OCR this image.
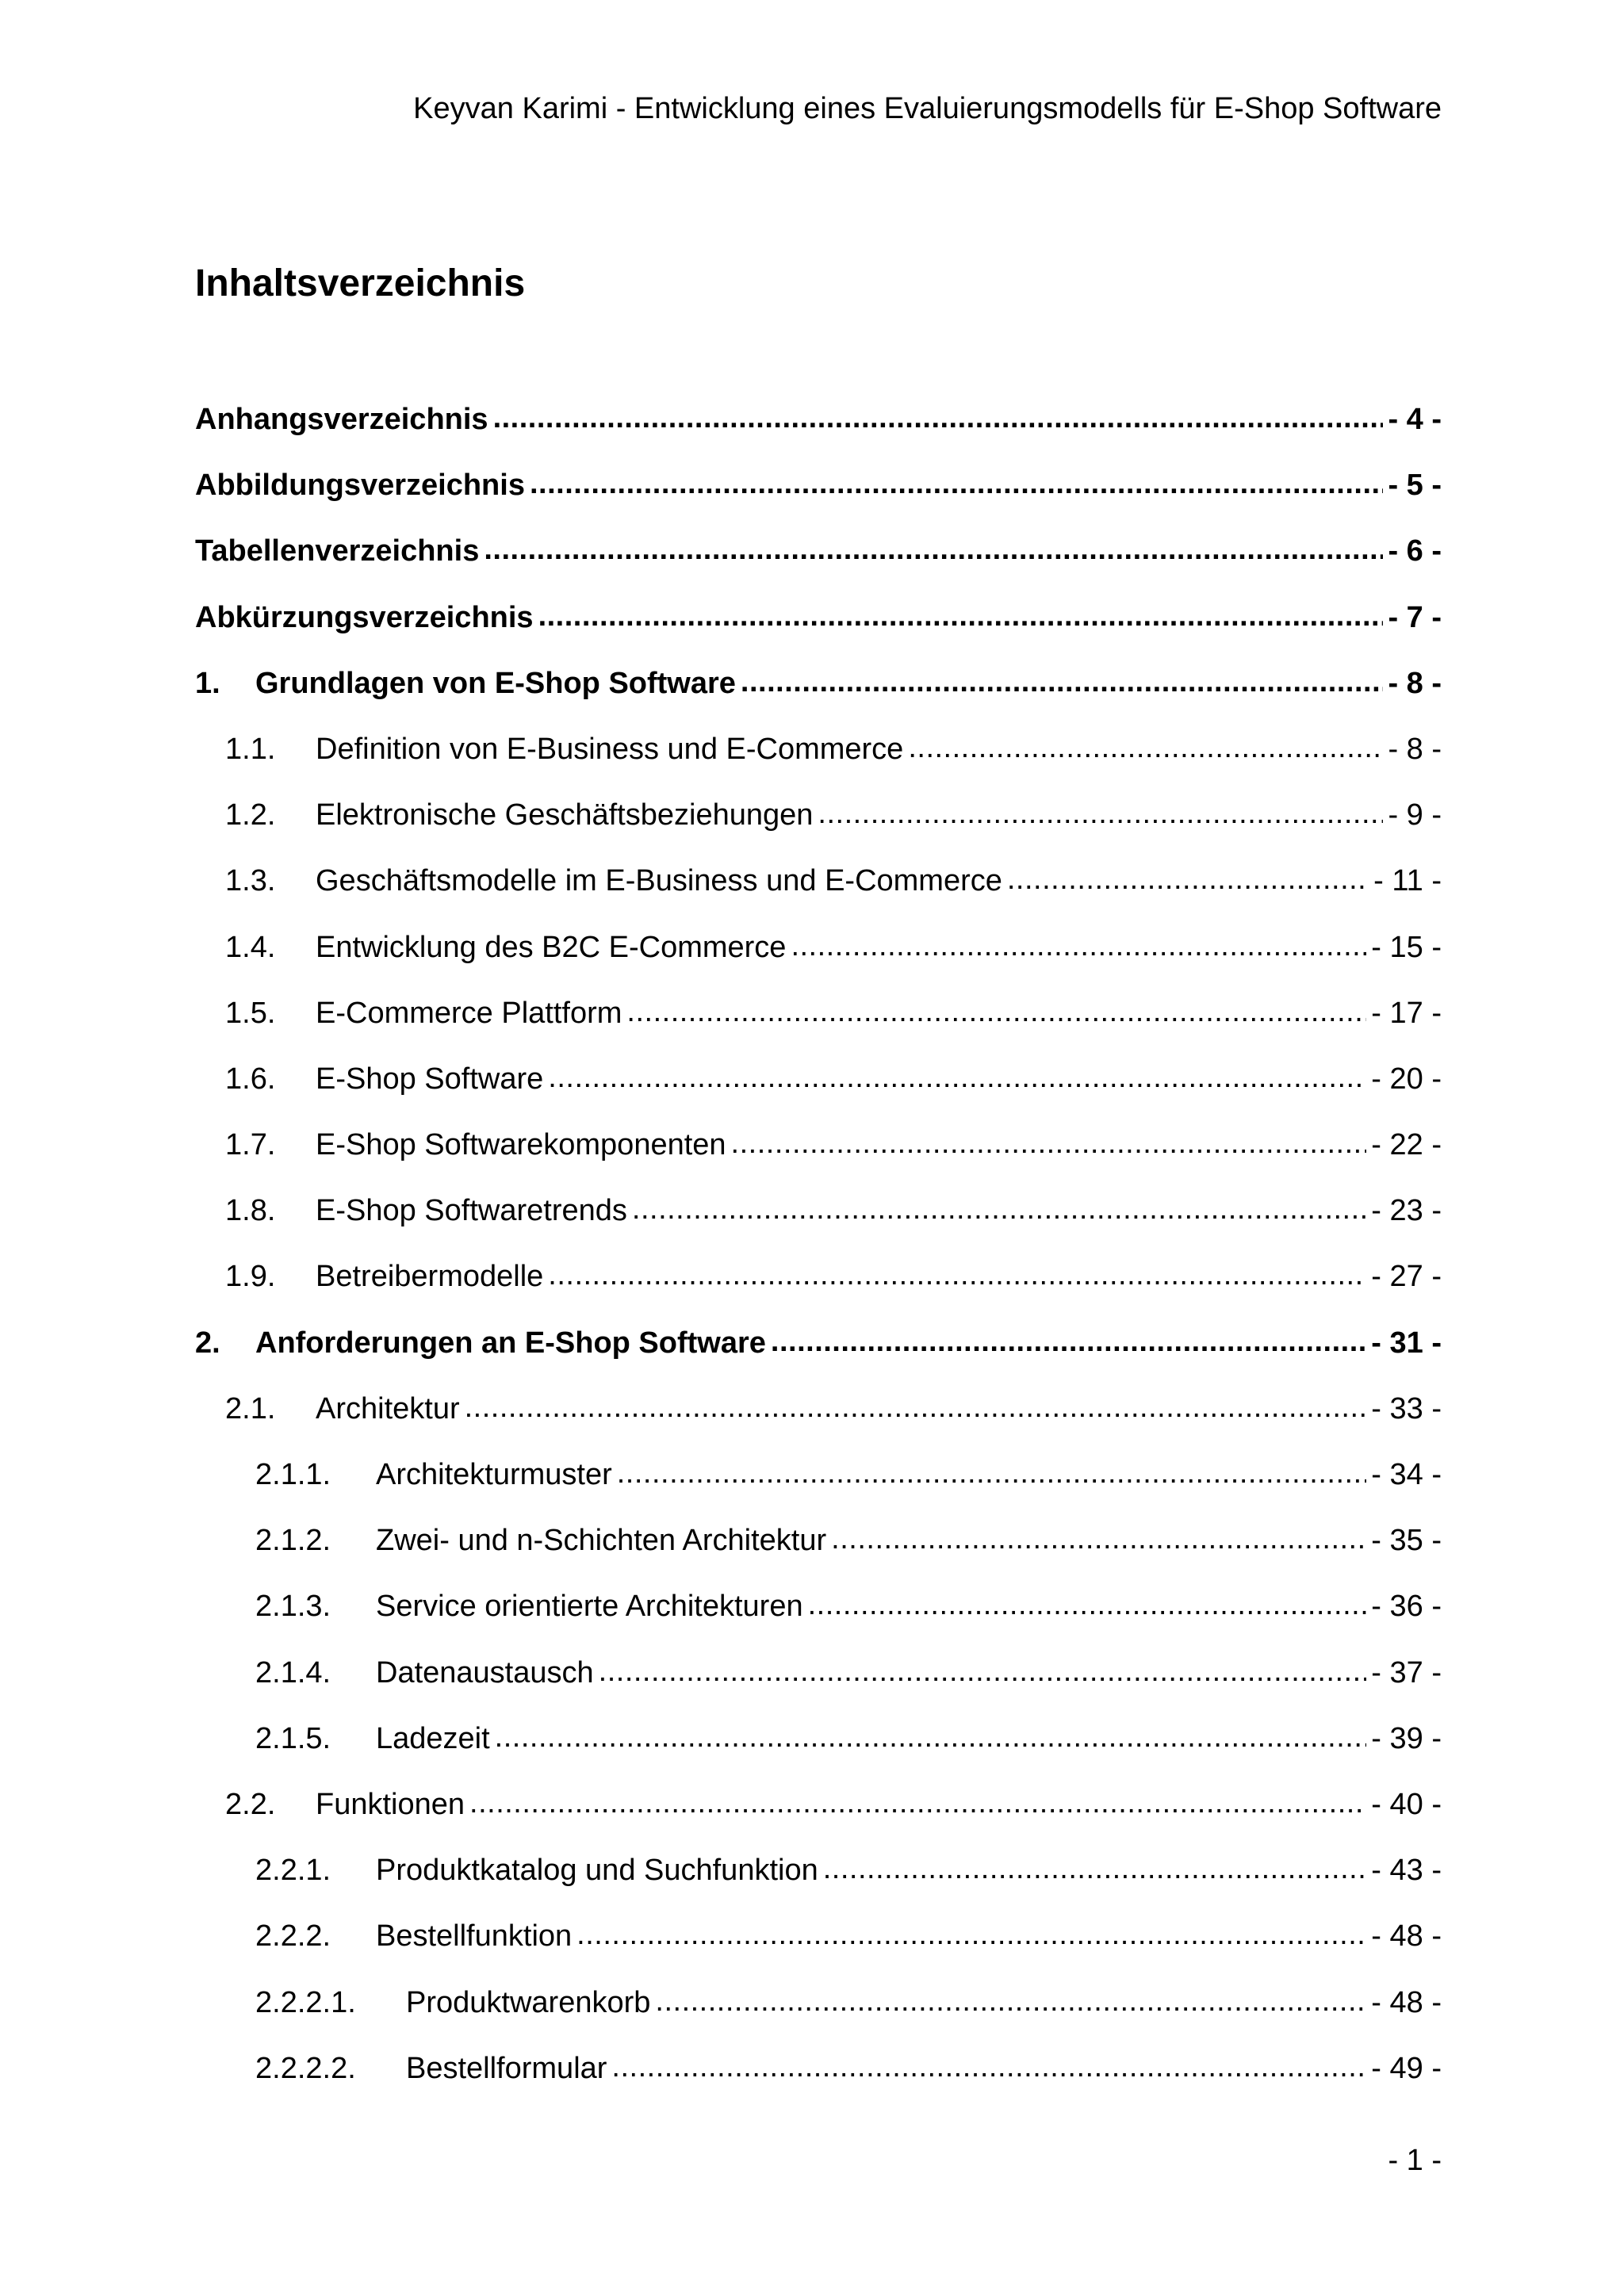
Keyvan Karimi - Entwicklung eines Evaluierungsmodells für E-Shop Software
Inhaltsverzeichnis
Anhangsverzeichnis .....	- 4 -
Abbildungsverzeichnis .....	- 5 -
Tabellenverzeichnis .....	- 6 -
Abkürzungsverzeichnis .....	- 7 -
1.	Grundlagen von E-Shop Software .....	- 8 -
1.1.	Definition von E-Business und E-Commerce .....	- 8 -
1.2.	Elektronische Geschäftsbeziehungen .....	- 9 -
1.3.	Geschäftsmodelle im E-Business und E-Commerce .....	- 11 -
1.4.	Entwicklung des B2C E-Commerce .....	- 15 -
1.5.	E-Commerce Plattform .....	- 17 -
1.6.	E-Shop Software .....	- 20 -
1.7.	E-Shop Softwarekomponenten .....	- 22 -
1.8.	E-Shop Softwaretrends .....	- 23 -
1.9.	Betreibermodelle .....	- 27 -
2.	Anforderungen an E-Shop Software .....	- 31 -
2.1.	Architektur .....	- 33 -
2.1.1.	Architekturmuster .....	- 34 -
2.1.2.	Zwei- und n-Schichten Architektur .....	- 35 -
2.1.3.	Service orientierte Architekturen .....	- 36 -
2.1.4.	Datenaustausch .....	- 37 -
2.1.5.	Ladezeit .....	- 39 -
2.2.	Funktionen .....	- 40 -
2.2.1.	Produktkatalog und Suchfunktion .....	- 43 -
2.2.2.	Bestellfunktion .....	- 48 -
2.2.2.1.	Produktwarenkorb .....	- 48 -
2.2.2.2.	Bestellformular .....	- 49 -
- 1 -
